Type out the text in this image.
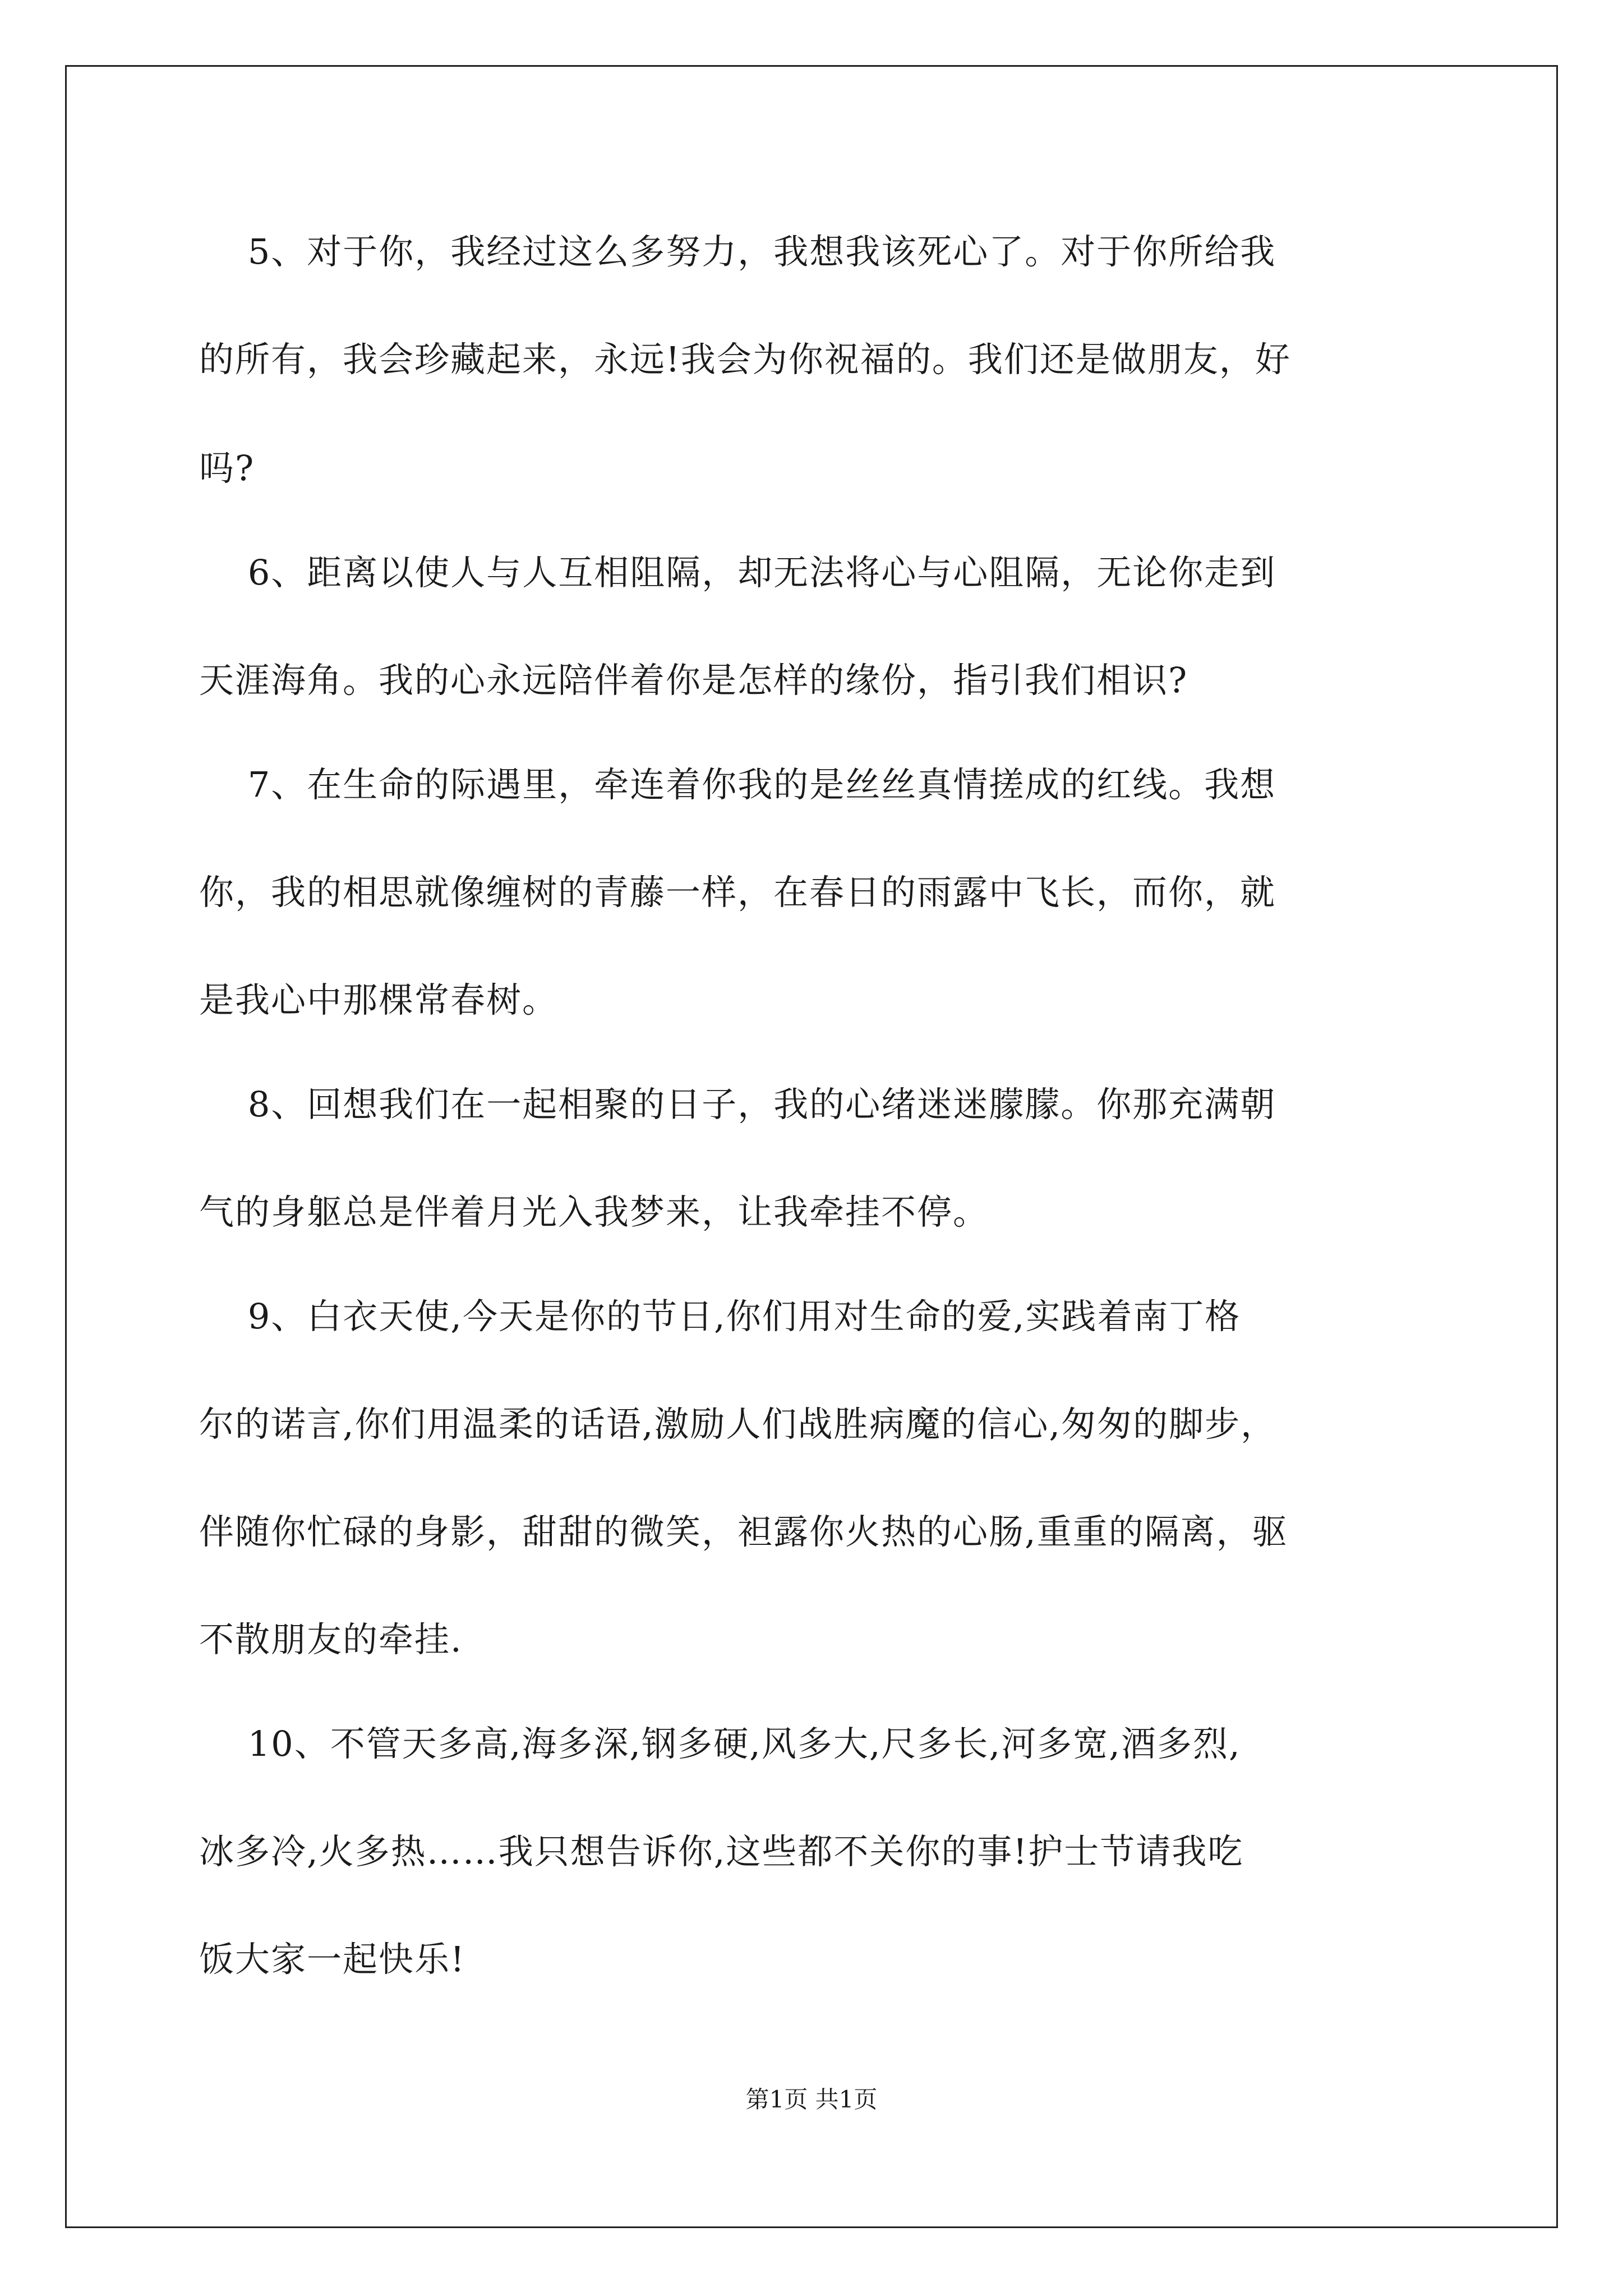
5、对于你，我经过这么多努力，我想我该死心了。对于你所给我
的所有，我会珍藏起来，永远!我会为你祝福的。我们还是做朋友，好
吗?
6、距离以使人与人互相阻隔，却无法将心与心阻隔，无论你走到
天涯海角。我的心永远陪伴着你是怎样的缘份，指引我们相识?
7、在生命的际遇里，牵连着你我的是丝丝真情搓成的红线。我想
你，我的相思就像缠树的青藤一样，在春日的雨露中飞长，而你，就
是我心中那棵常春树。
8、回想我们在一起相聚的日子，我的心绪迷迷朦朦。你那充满朝
气的身躯总是伴着月光入我梦来，让我牵挂不停。
9、白衣天使,今天是你的节日,你们用对生命的爱,实践着南丁格
尔的诺言,你们用温柔的话语,激励人们战胜病魔的信心,匆匆的脚步，
伴随你忙碌的身影，甜甜的微笑，袒露你火热的心肠,重重的隔离，驱
不散朋友的牵挂.
10、不管天多高,海多深,钢多硬,风多大,尺多长,河多宽,酒多烈,
冰多冷,火多热……我只想告诉你,这些都不关你的事!护士节请我吃
饭大家一起快乐!
第1页 共1页
